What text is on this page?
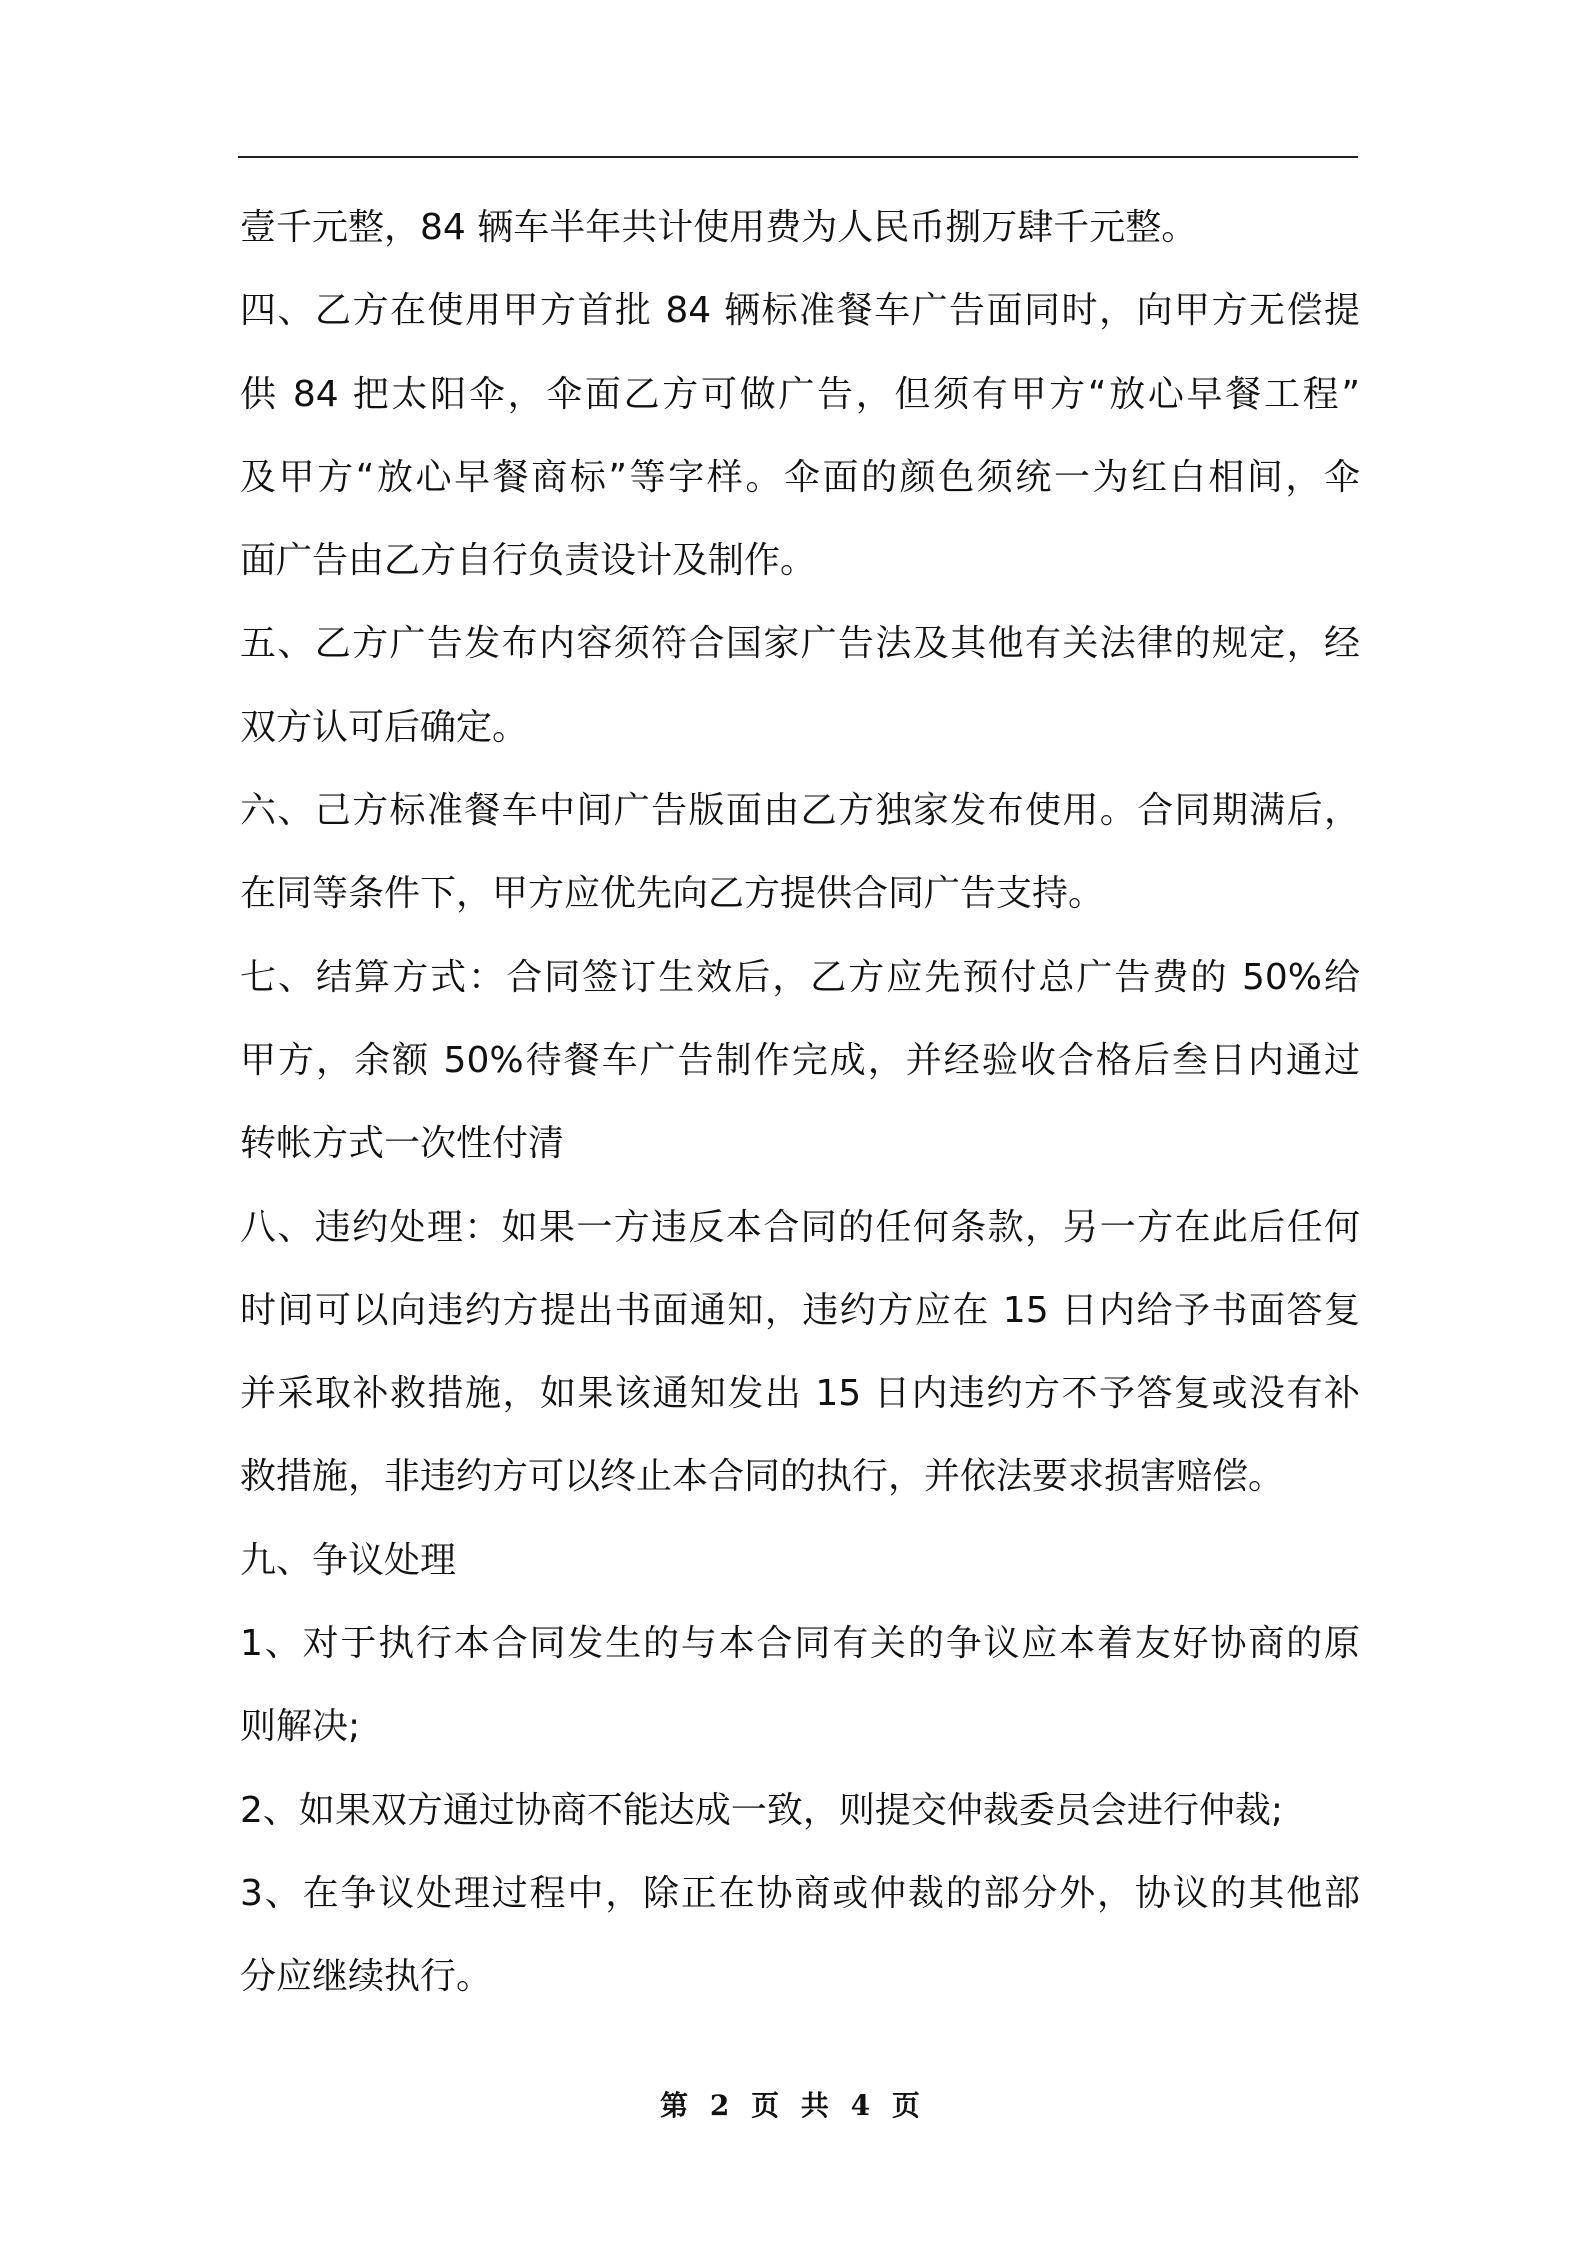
壹千元整，84 辆车半年共计使用费为人民币捌万肆千元整。
四、乙方在使用甲方首批 84 辆标准餐车广告面同时，向甲方无偿提
供 84 把太阳伞，伞面乙方可做广告，但须有甲方“放心早餐工程”
及甲方“放心早餐商标”等字样。伞面的颜色须统一为红白相间，伞
面广告由乙方自行负责设计及制作。
五、乙方广告发布内容须符合国家广告法及其他有关法律的规定，经
双方认可后确定。
六、己方标准餐车中间广告版面由乙方独家发布使用。合同期满后，
在同等条件下，甲方应优先向乙方提供合同广告支持。
七、结算方式：合同签订生效后，乙方应先预付总广告费的 50%给
甲方，余额 50%待餐车广告制作完成，并经验收合格后叁日内通过
转帐方式一次性付清
八、违约处理：如果一方违反本合同的任何条款，另一方在此后任何
时间可以向违约方提出书面通知，违约方应在 15 日内给予书面答复
并采取补救措施，如果该通知发出 15 日内违约方不予答复或没有补
救措施，非违约方可以终止本合同的执行，并依法要求损害赔偿。
九、争议处理
1、对于执行本合同发生的与本合同有关的争议应本着友好协商的原
则解决;
2、如果双方通过协商不能达成一致，则提交仲裁委员会进行仲裁;
3、在争议处理过程中，除正在协商或仲裁的部分外，协议的其他部
分应继续执行。
第 2 页 共 4 页
